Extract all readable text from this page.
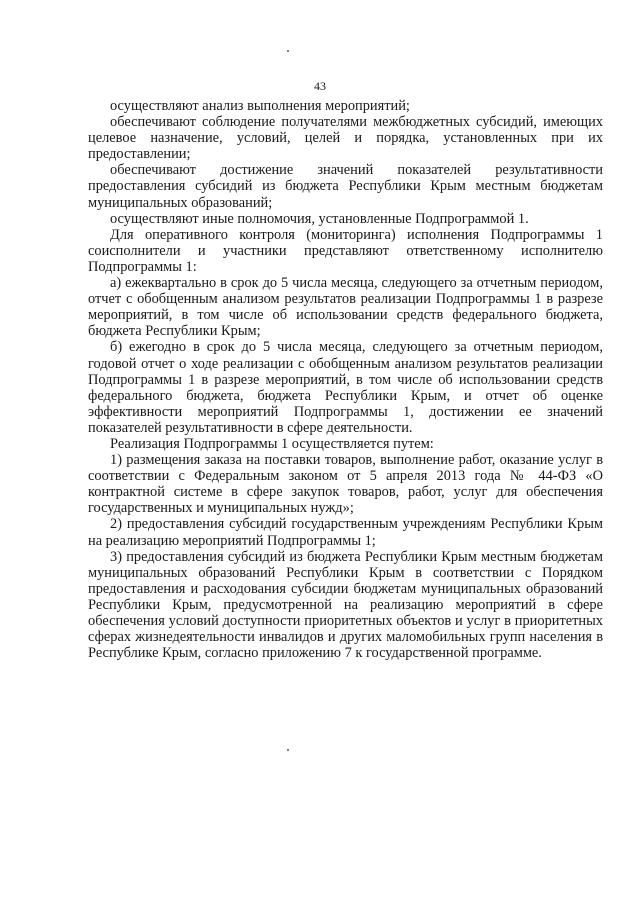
43

осуществляют анализ выполнения мероприятий;

обеспечивают соблюдение получателями межбюджетных субсидий, имеющих целевое назначение, условий, целей и порядка, установленных при их предоставлении;

обеспечивают достижение значений показателей результативности предоставления субсидий из бюджета Республики Крым местным бюджетам муниципальных образований;

осуществляют иные полномочия, установленные Подпрограммой 1.

Для оперативного контроля (мониторинга) исполнения Подпрограммы 1 соисполнители и участники представляют ответственному исполнителю Подпрограммы 1:

а) ежеквартально в срок до 5 числа месяца, следующего за отчетным периодом, отчет с обобщенным анализом результатов реализации Подпрограммы 1 в разрезе мероприятий, в том числе об использовании средств федерального бюджета, бюджета Республики Крым;

б) ежегодно в срок до 5 числа месяца, следующего за отчетным периодом, годовой отчет о ходе реализации с обобщенным анализом результатов реализации Подпрограммы 1 в разрезе мероприятий, в том числе об использовании средств федерального бюджета, бюджета Республики Крым, и отчет об оценке эффективности мероприятий Подпрограммы 1, достижении ее значений показателей результативности в сфере деятельности.

Реализация Подпрограммы 1 осуществляется путем:

1) размещения заказа на поставки товаров, выполнение работ, оказание услуг в соответствии с Федеральным законом от 5 апреля 2013 года № 44-ФЗ «О контрактной системе в сфере закупок товаров, работ, услуг для обеспечения государственных и муниципальных нужд»;

2) предоставления субсидий государственным учреждениям Республики Крым на реализацию мероприятий Подпрограммы 1;

3) предоставления субсидий из бюджета Республики Крым местным бюджетам муниципальных образований Республики Крым в соответствии с Порядком предоставления и расходования субсидии бюджетам муниципальных образований Республики Крым, предусмотренной на реализацию мероприятий в сфере обеспечения условий доступности приоритетных объектов и услуг в приоритетных сферах жизнедеятельности инвалидов и других маломобильных групп населения в Республике Крым, согласно приложению 7 к государственной программе.
